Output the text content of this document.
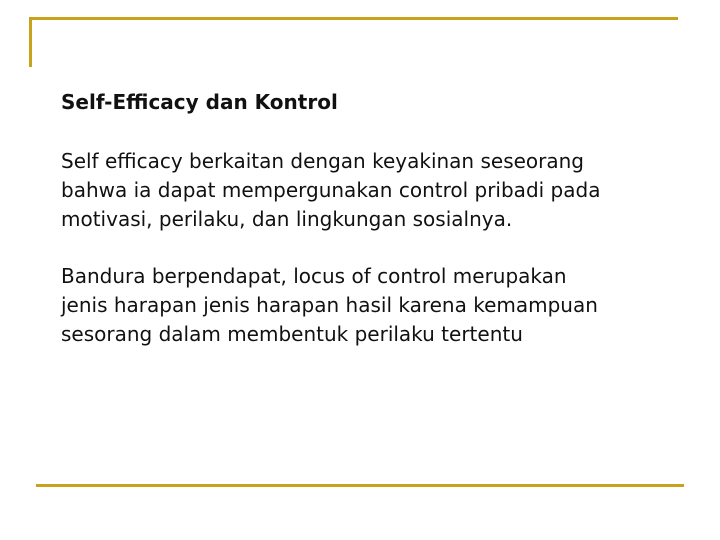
Self-Efficacy dan Kontrol

Self efficacy berkaitan dengan keyakinan seseorang
bahwa ia dapat mempergunakan control pribadi pada
motivasi, perilaku, dan lingkungan sosialnya.

Bandura berpendapat, locus of control merupakan
jenis harapan jenis harapan hasil karena kemampuan
sesorang dalam membentuk perilaku tertentu
